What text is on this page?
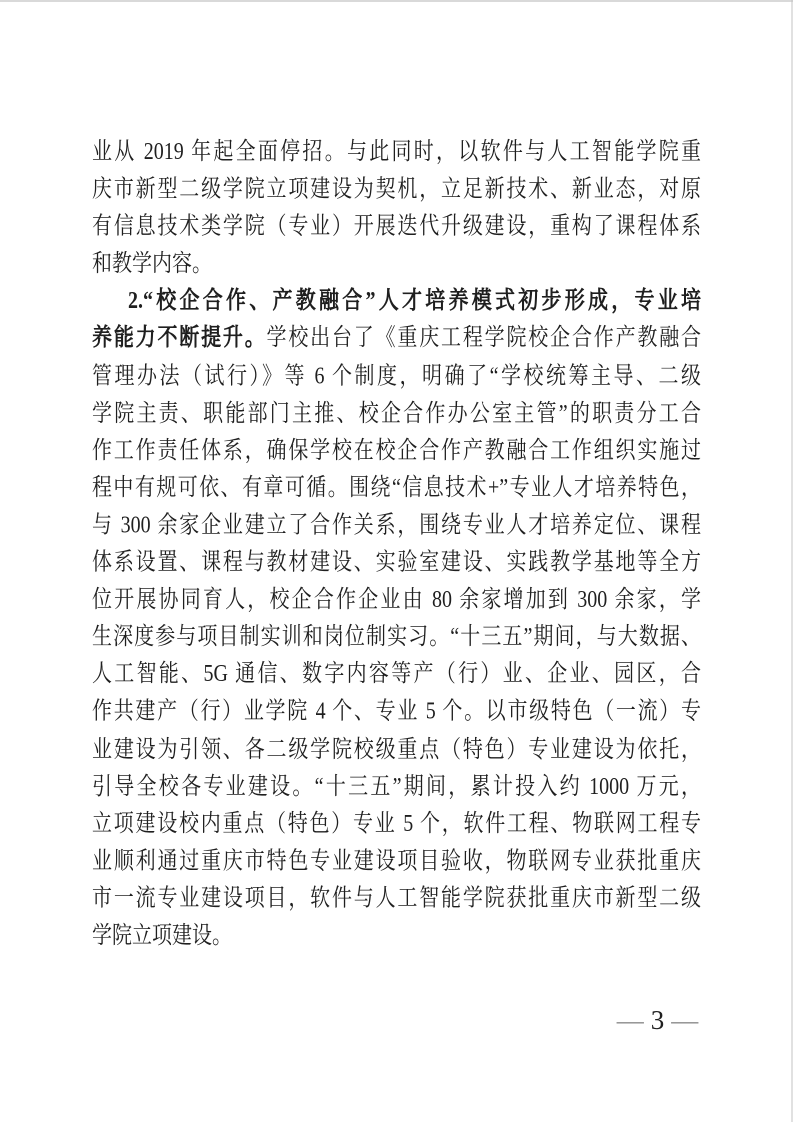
业从 2019 年起全面停招。与此同时，以软件与人工智能学院重
庆市新型二级学院立项建设为契机，立足新技术、新业态，对原
有信息技术类学院（专业）开展迭代升级建设，重构了课程体系
和教学内容。
2.“校企合作、产教融合”人才培养模式初步形成，专业培
养能力不断提升。学校出台了《重庆工程学院校企合作产教融合
管理办法（试行）》等 6 个制度，明确了“学校统筹主导、二级
学院主责、职能部门主推、校企合作办公室主管”的职责分工合
作工作责任体系，确保学校在校企合作产教融合工作组织实施过
程中有规可依、有章可循。围绕“信息技术+”专业人才培养特色，
与 300 余家企业建立了合作关系，围绕专业人才培养定位、课程
体系设置、课程与教材建设、实验室建设、实践教学基地等全方
位开展协同育人，校企合作企业由 80 余家增加到 300 余家，学
生深度参与项目制实训和岗位制实习。“十三五”期间，与大数据、
人工智能、5G 通信、数字内容等产（行）业、企业、园区，合
作共建产（行）业学院 4 个、专业 5 个。以市级特色（一流）专
业建设为引领、各二级学院校级重点（特色）专业建设为依托，
引导全校各专业建设。“十三五”期间，累计投入约 1000 万元，
立项建设校内重点（特色）专业 5 个，软件工程、物联网工程专
业顺利通过重庆市特色专业建设项目验收，物联网专业获批重庆
市一流专业建设项目，软件与人工智能学院获批重庆市新型二级
学院立项建设。
— 3 —
